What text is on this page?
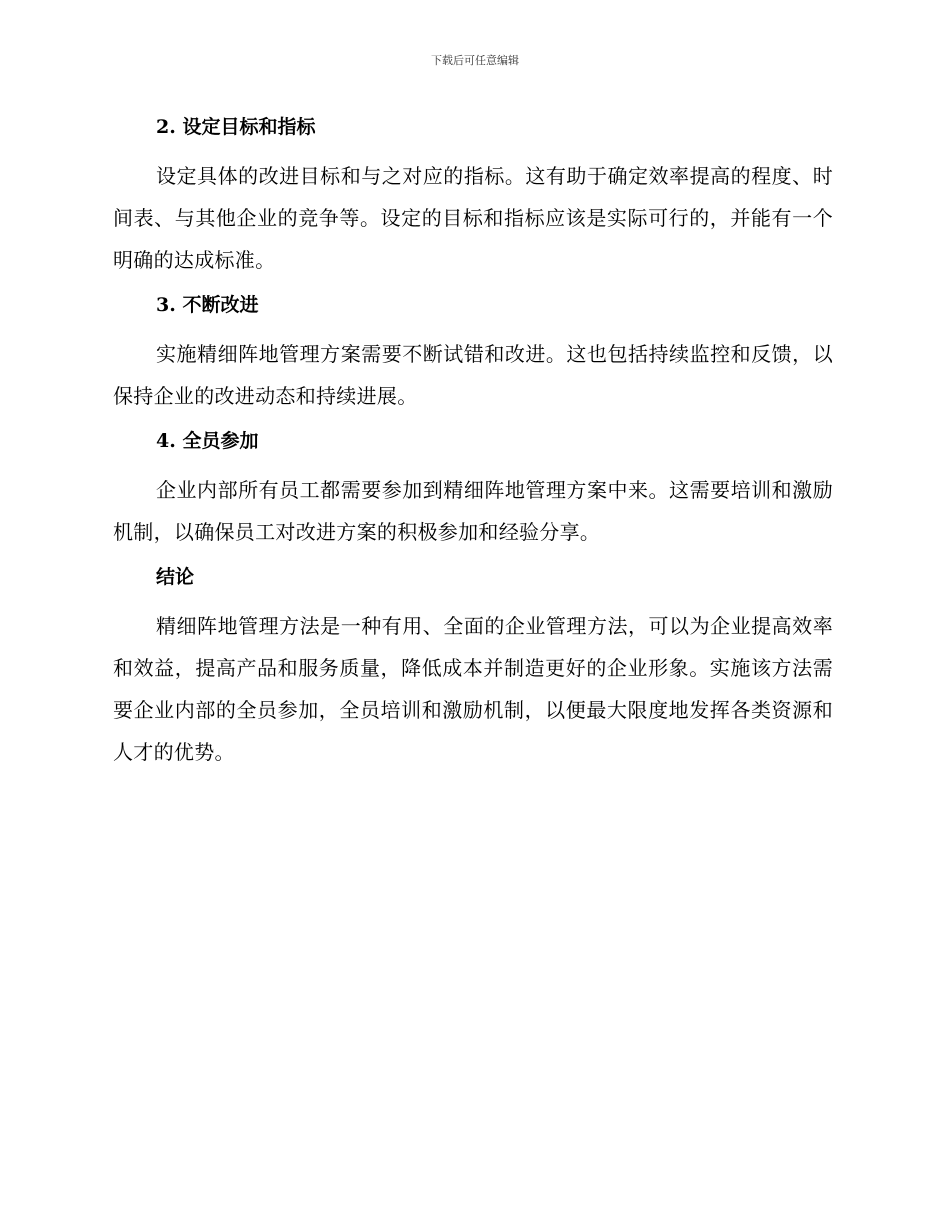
下载后可任意编辑
2. 设定目标和指标

设定具体的改进目标和与之对应的指标。这有助于确定效率提高的程度、时间表、与其他企业的竞争等。设定的目标和指标应该是实际可行的，并能有一个明确的达成标准。

3. 不断改进

实施精细阵地管理方案需要不断试错和改进。这也包括持续监控和反馈，以保持企业的改进动态和持续进展。

4. 全员参加

企业内部所有员工都需要参加到精细阵地管理方案中来。这需要培训和激励机制，以确保员工对改进方案的积极参加和经验分享。

结论

精细阵地管理方法是一种有用、全面的企业管理方法，可以为企业提高效率和效益，提高产品和服务质量，降低成本并制造更好的企业形象。实施该方法需要企业内部的全员参加，全员培训和激励机制，以便最大限度地发挥各类资源和人才的优势。
